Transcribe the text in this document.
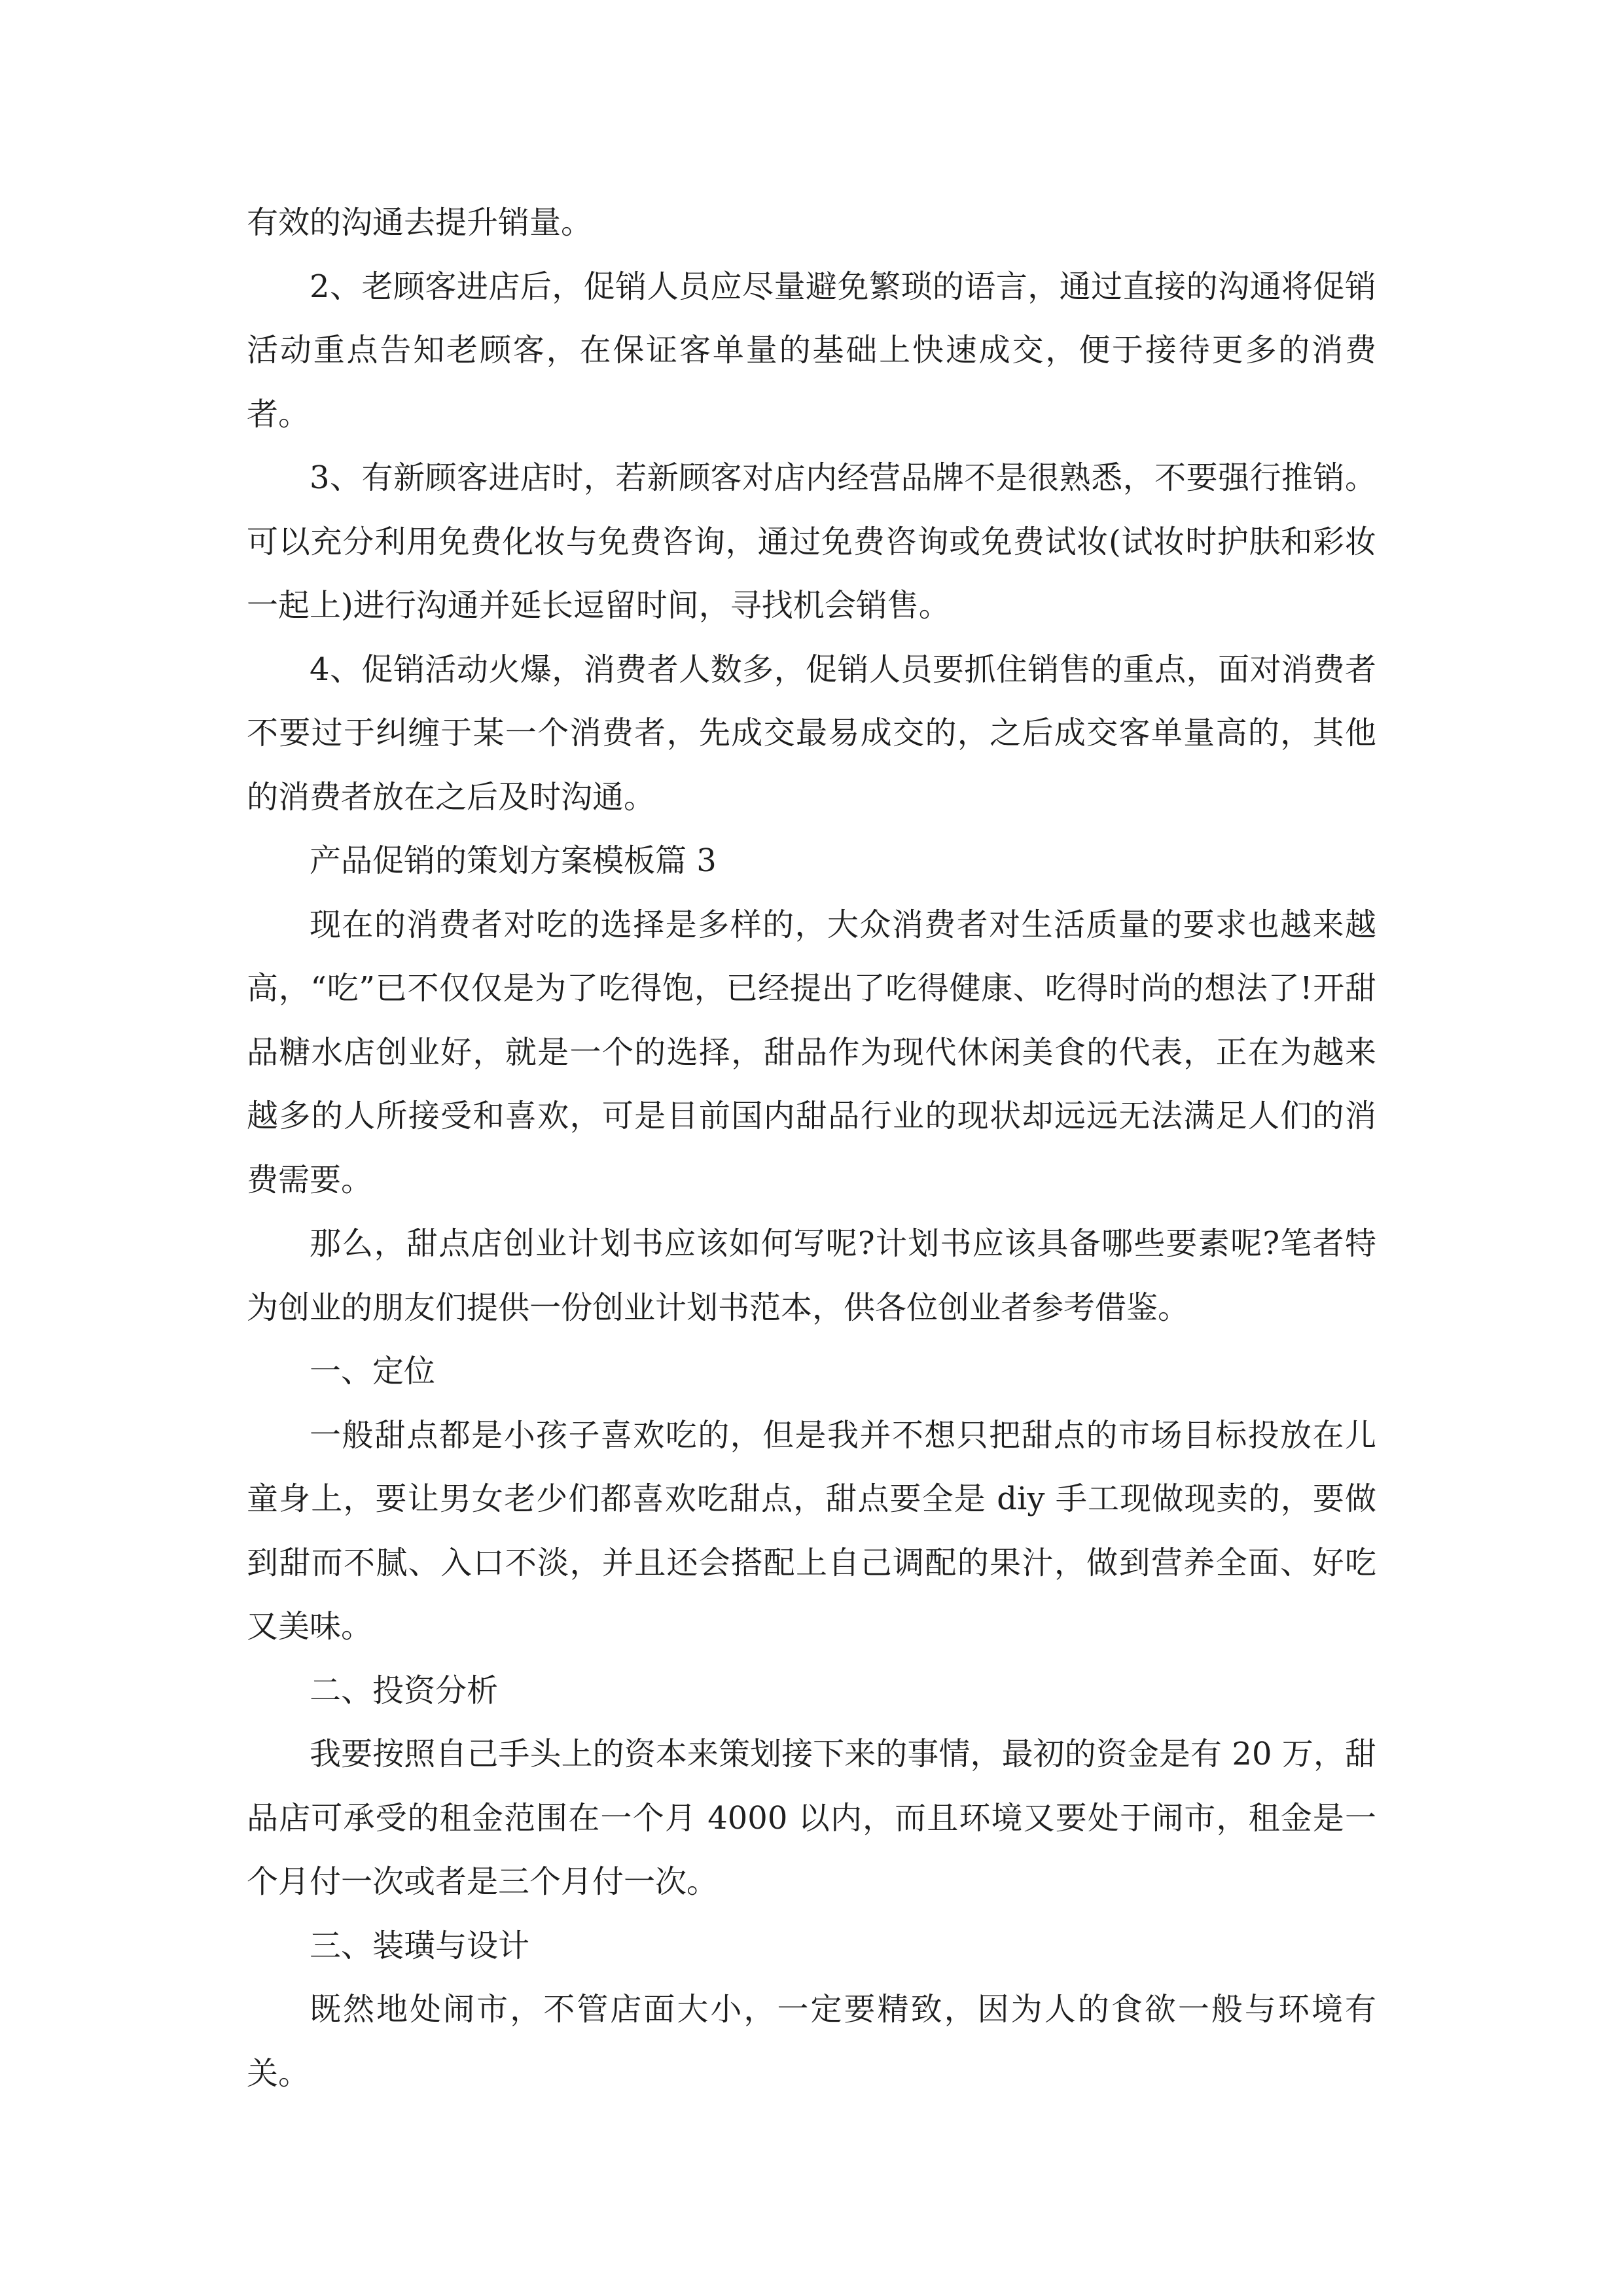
有效的沟通去提升销量。

2、老顾客进店后，促销人员应尽量避免繁琐的语言，通过直接的沟通将促销活动重点告知老顾客，在保证客单量的基础上快速成交，便于接待更多的消费者。

3、有新顾客进店时，若新顾客对店内经营品牌不是很熟悉，不要强行推销。可以充分利用免费化妆与免费咨询，通过免费咨询或免费试妆(试妆时护肤和彩妆一起上)进行沟通并延长逗留时间，寻找机会销售。

4、促销活动火爆，消费者人数多，促销人员要抓住销售的重点，面对消费者不要过于纠缠于某一个消费者，先成交最易成交的，之后成交客单量高的，其他的消费者放在之后及时沟通。

产品促销的策划方案模板篇 3

现在的消费者对吃的选择是多样的，大众消费者对生活质量的要求也越来越高，“吃”已不仅仅是为了吃得饱，已经提出了吃得健康、吃得时尚的想法了!开甜品糖水店创业好，就是一个的选择，甜品作为现代休闲美食的代表，正在为越来越多的人所接受和喜欢，可是目前国内甜品行业的现状却远远无法满足人们的消费需要。

那么，甜点店创业计划书应该如何写呢?计划书应该具备哪些要素呢?笔者特为创业的朋友们提供一份创业计划书范本，供各位创业者参考借鉴。

一、定位

一般甜点都是小孩子喜欢吃的，但是我并不想只把甜点的市场目标投放在儿童身上，要让男女老少们都喜欢吃甜点，甜点要全是 diy 手工现做现卖的，要做到甜而不腻、入口不淡，并且还会搭配上自己调配的果汁，做到营养全面、好吃又美味。

二、投资分析

我要按照自己手头上的资本来策划接下来的事情，最初的资金是有 20 万，甜品店可承受的租金范围在一个月 4000 以内，而且环境又要处于闹市，租金是一个月付一次或者是三个月付一次。

三、装璜与设计

既然地处闹市，不管店面大小，一定要精致，因为人的食欲一般与环境有关。
